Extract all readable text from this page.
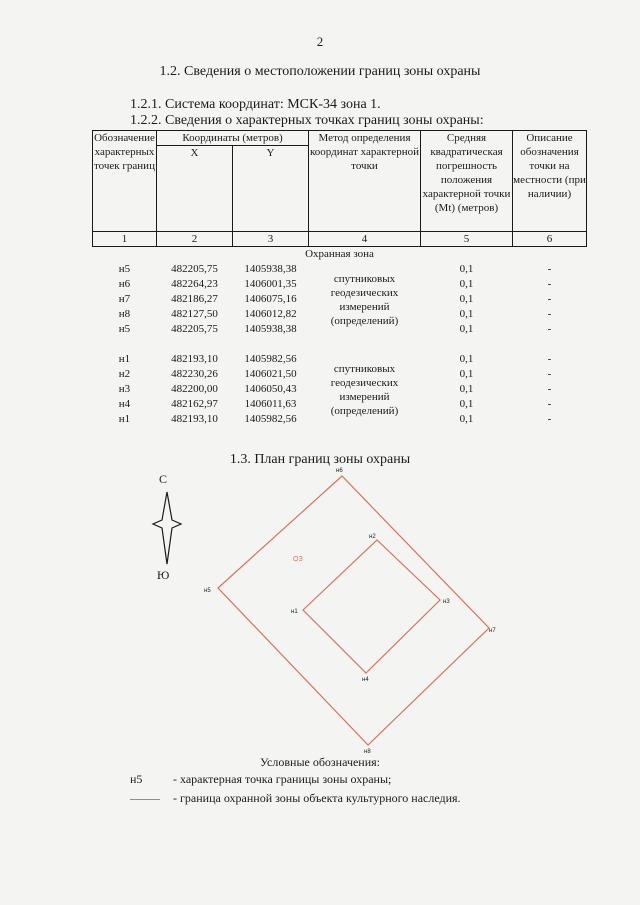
2
1.2. Сведения о местоположении границ зоны охраны
1.2.1. Система координат: МСК-34 зона 1.
1.2.2. Сведения о характерных точках границ зоны охраны:
Обозначение характерных точек границ	Координаты (метров)		Метод определения координат характерной точки	Средняя квадратическая погрешность положения характерной точки (Mt) (метров)	Описание обозначения точки на местности (при наличии)
	X	Y			
1	2	3	4	5	6
Охранная зона					
н5	482205,75	1405938,38	спутниковых геодезических измерений (определений)	0,1	-
н6	482264,23	1406001,35		0,1	-
н7	482186,27	1406075,16		0,1	-
н8	482127,50	1406012,82		0,1	-
н5	482205,75	1405938,38		0,1	-

н1	482193,10	1405982,56	спутниковых геодезических измерений (определений)	0,1	-
н2	482230,26	1406021,50		0,1	-
н3	482200,00	1406050,43		0,1	-
н4	482162,97	1406011,63		0,1	-
н1	482193,10	1405982,56		0,1	-
1.3. План границ зоны охраны
С
Ю
ОЗ
н5
н6
н7
н8
н1
н2
н3
н4
Условные обозначения:
н5	- характерная точка границы зоны охраны;
- граница охранной зоны объекта культурного наследия.
